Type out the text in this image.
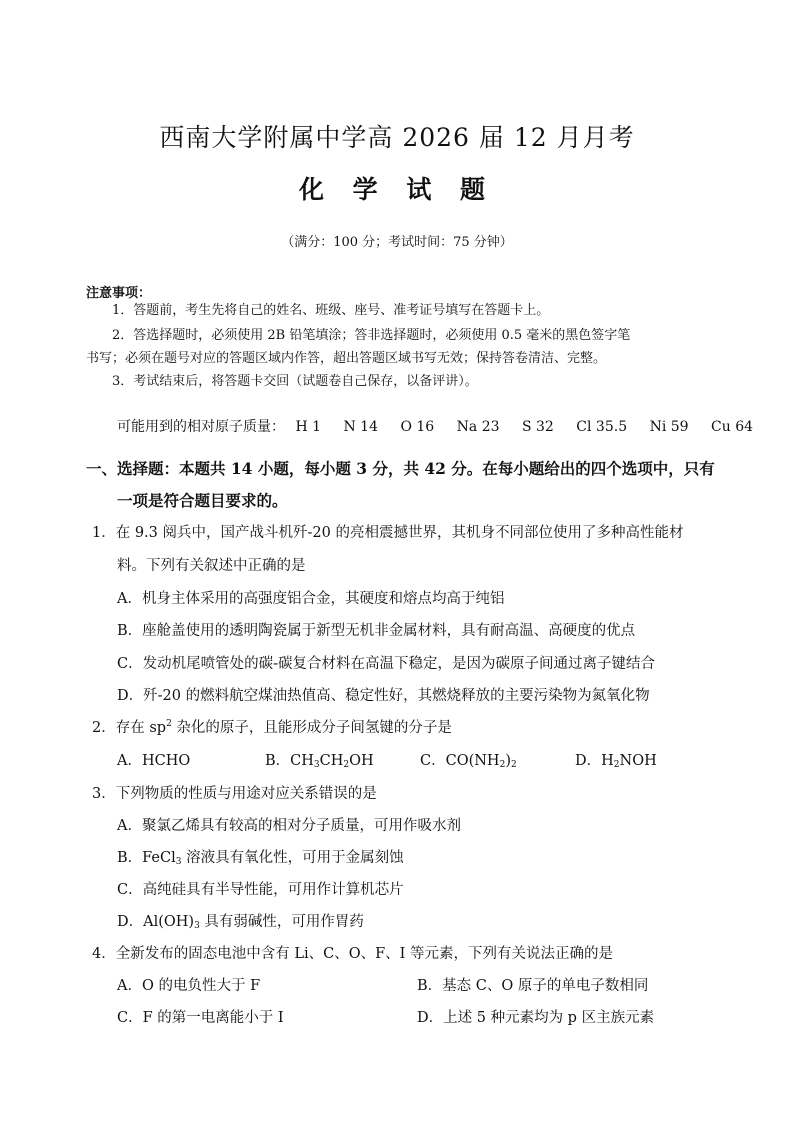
西南大学附属中学高 2026 届 12 月月考
化 学 试 题
（满分：100 分；考试时间：75 分钟）
注意事项：
1．答题前，考生先将自己的姓名、班级、座号、准考证号填写在答题卡上。
2．答选择题时，必须使用 2B 铅笔填涂；答非选择题时，必须使用 0.5 毫米的黑色签字笔
书写；必须在题号对应的答题区域内作答，超出答题区域书写无效；保持答卷清洁、完整。
3．考试结束后，将答题卡交回（试题卷自己保存，以备评讲）。
可能用到的相对原子质量： H 1 N 14 O 16 Na 23 S 32 Cl 35.5 Ni 59 Cu 64
一、选择题：本题共 14 小题，每小题 3 分，共 42 分。在每小题给出的四个选项中，只有
一项是符合题目要求的。
1．在 9.3 阅兵中，国产战斗机歼-20 的亮相震撼世界，其机身不同部位使用了多种高性能材
料。下列有关叙述中正确的是
A．机身主体采用的高强度铝合金，其硬度和熔点均高于纯铝
B．座舱盖使用的透明陶瓷属于新型无机非金属材料，具有耐高温、高硬度的优点
C．发动机尾喷管处的碳-碳复合材料在高温下稳定，是因为碳原子间通过离子键结合
D．歼-20 的燃料航空煤油热值高、稳定性好，其燃烧释放的主要污染物为氮氧化物
2．存在 $sp^2$ 杂化的原子，且能形成分子间氢键的分子是
A．HCHO	B．$CH_3CH_2OH$	C．$CO(NH_2)_2$	D．$H_2NOH$
3．下列物质的性质与用途对应关系错误的是
A．聚氯乙烯具有较高的相对分子质量，可用作吸水剂
B．FeCl$_3$ 溶液具有氧化性，可用于金属刻蚀
C．高纯硅具有半导性能，可用作计算机芯片
D．$Al(OH)_3$ 具有弱碱性，可用作胃药
4．全新发布的固态电池中含有 Li、C、O、F、I 等元素，下列有关说法正确的是
A．O 的电负性大于 F	B．基态 C、O 原子的单电子数相同
C．F 的第一电离能小于 I	D．上述 5 种元素均为 p 区主族元素
